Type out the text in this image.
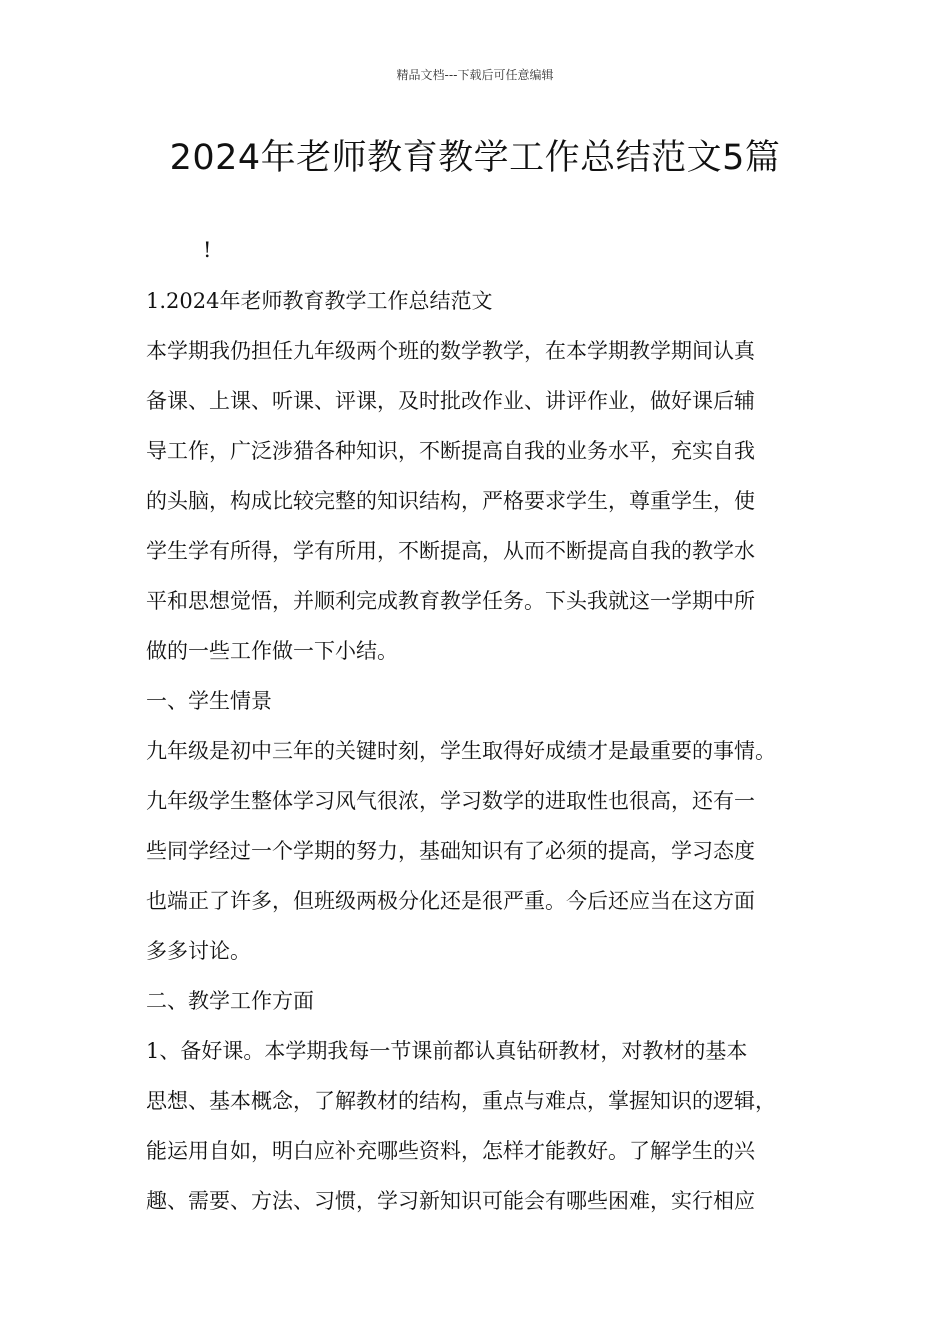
精品文档---下载后可任意编辑
2024年老师教育教学工作总结范文5篇
!
1.2024年老师教育教学工作总结范文
本学期我仍担任九年级两个班的数学教学，在本学期教学期间认真
备课、上课、听课、评课，及时批改作业、讲评作业，做好课后辅
导工作，广泛涉猎各种知识，不断提高自我的业务水平，充实自我
的头脑，构成比较完整的知识结构，严格要求学生，尊重学生，使
学生学有所得，学有所用，不断提高，从而不断提高自我的教学水
平和思想觉悟，并顺利完成教育教学任务。下头我就这一学期中所
做的一些工作做一下小结。
一、学生情景
九年级是初中三年的关键时刻，学生取得好成绩才是最重要的事情。
九年级学生整体学习风气很浓，学习数学的进取性也很高，还有一
些同学经过一个学期的努力，基础知识有了必须的提高，学习态度
也端正了许多，但班级两极分化还是很严重。今后还应当在这方面
多多讨论。
二、教学工作方面
1、备好课。本学期我每一节课前都认真钻研教材，对教材的基本
思想、基本概念，了解教材的结构，重点与难点，掌握知识的逻辑，
能运用自如，明白应补充哪些资料，怎样才能教好。了解学生的兴
趣、需要、方法、习惯，学习新知识可能会有哪些困难，实行相应
